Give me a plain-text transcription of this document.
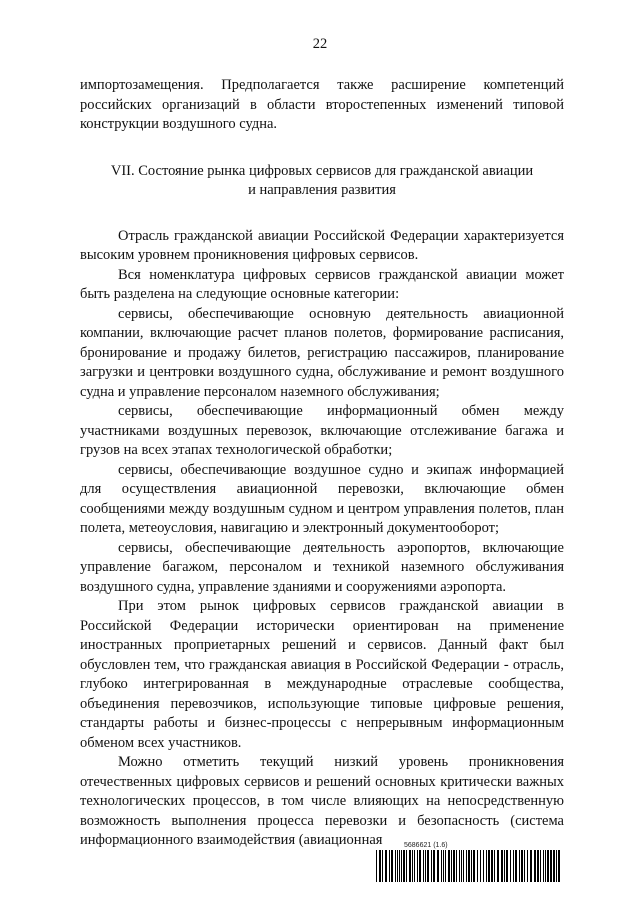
22

импортозамещения. Предполагается также расширение компетенций российских организаций в области второстепенных изменений типовой конструкции воздушного судна.

VII. Состояние рынка цифровых сервисов для гражданской авиации
и направления развития

Отрасль гражданской авиации Российской Федерации характеризуется высоким уровнем проникновения цифровых сервисов.

Вся номенклатура цифровых сервисов гражданской авиации может быть разделена на следующие основные категории:

сервисы, обеспечивающие основную деятельность авиационной компании, включающие расчет планов полетов, формирование расписания, бронирование и продажу билетов, регистрацию пассажиров, планирование загрузки и центровки воздушного судна, обслуживание и ремонт воздушного судна и управление персоналом наземного обслуживания;

сервисы, обеспечивающие информационный обмен между участниками воздушных перевозок, включающие отслеживание багажа и грузов на всех этапах технологической обработки;

сервисы, обеспечивающие воздушное судно и экипаж информацией для осуществления авиационной перевозки, включающие обмен сообщениями между воздушным судном и центром управления полетов, план полета, метеоусловия, навигацию и электронный документооборот;

сервисы, обеспечивающие деятельность аэропортов, включающие управление багажом, персоналом и техникой наземного обслуживания воздушного судна, управление зданиями и сооружениями аэропорта.

При этом рынок цифровых сервисов гражданской авиации в Российской Федерации исторически ориентирован на применение иностранных проприетарных решений и сервисов. Данный факт был обусловлен тем, что гражданская авиация в Российской Федерации - отрасль, глубоко интегрированная в международные отраслевые сообщества, объединения перевозчиков, использующие типовые цифровые решения, стандарты работы и бизнес-процессы с непрерывным информационным обменом всех участников.

Можно отметить текущий низкий уровень проникновения отечественных цифровых сервисов и решений основных критически важных технологических процессов, в том числе влияющих на непосредственную возможность выполнения процесса перевозки и безопасность (система информационного взаимодействия (авиационная	5686621 (1.6)
